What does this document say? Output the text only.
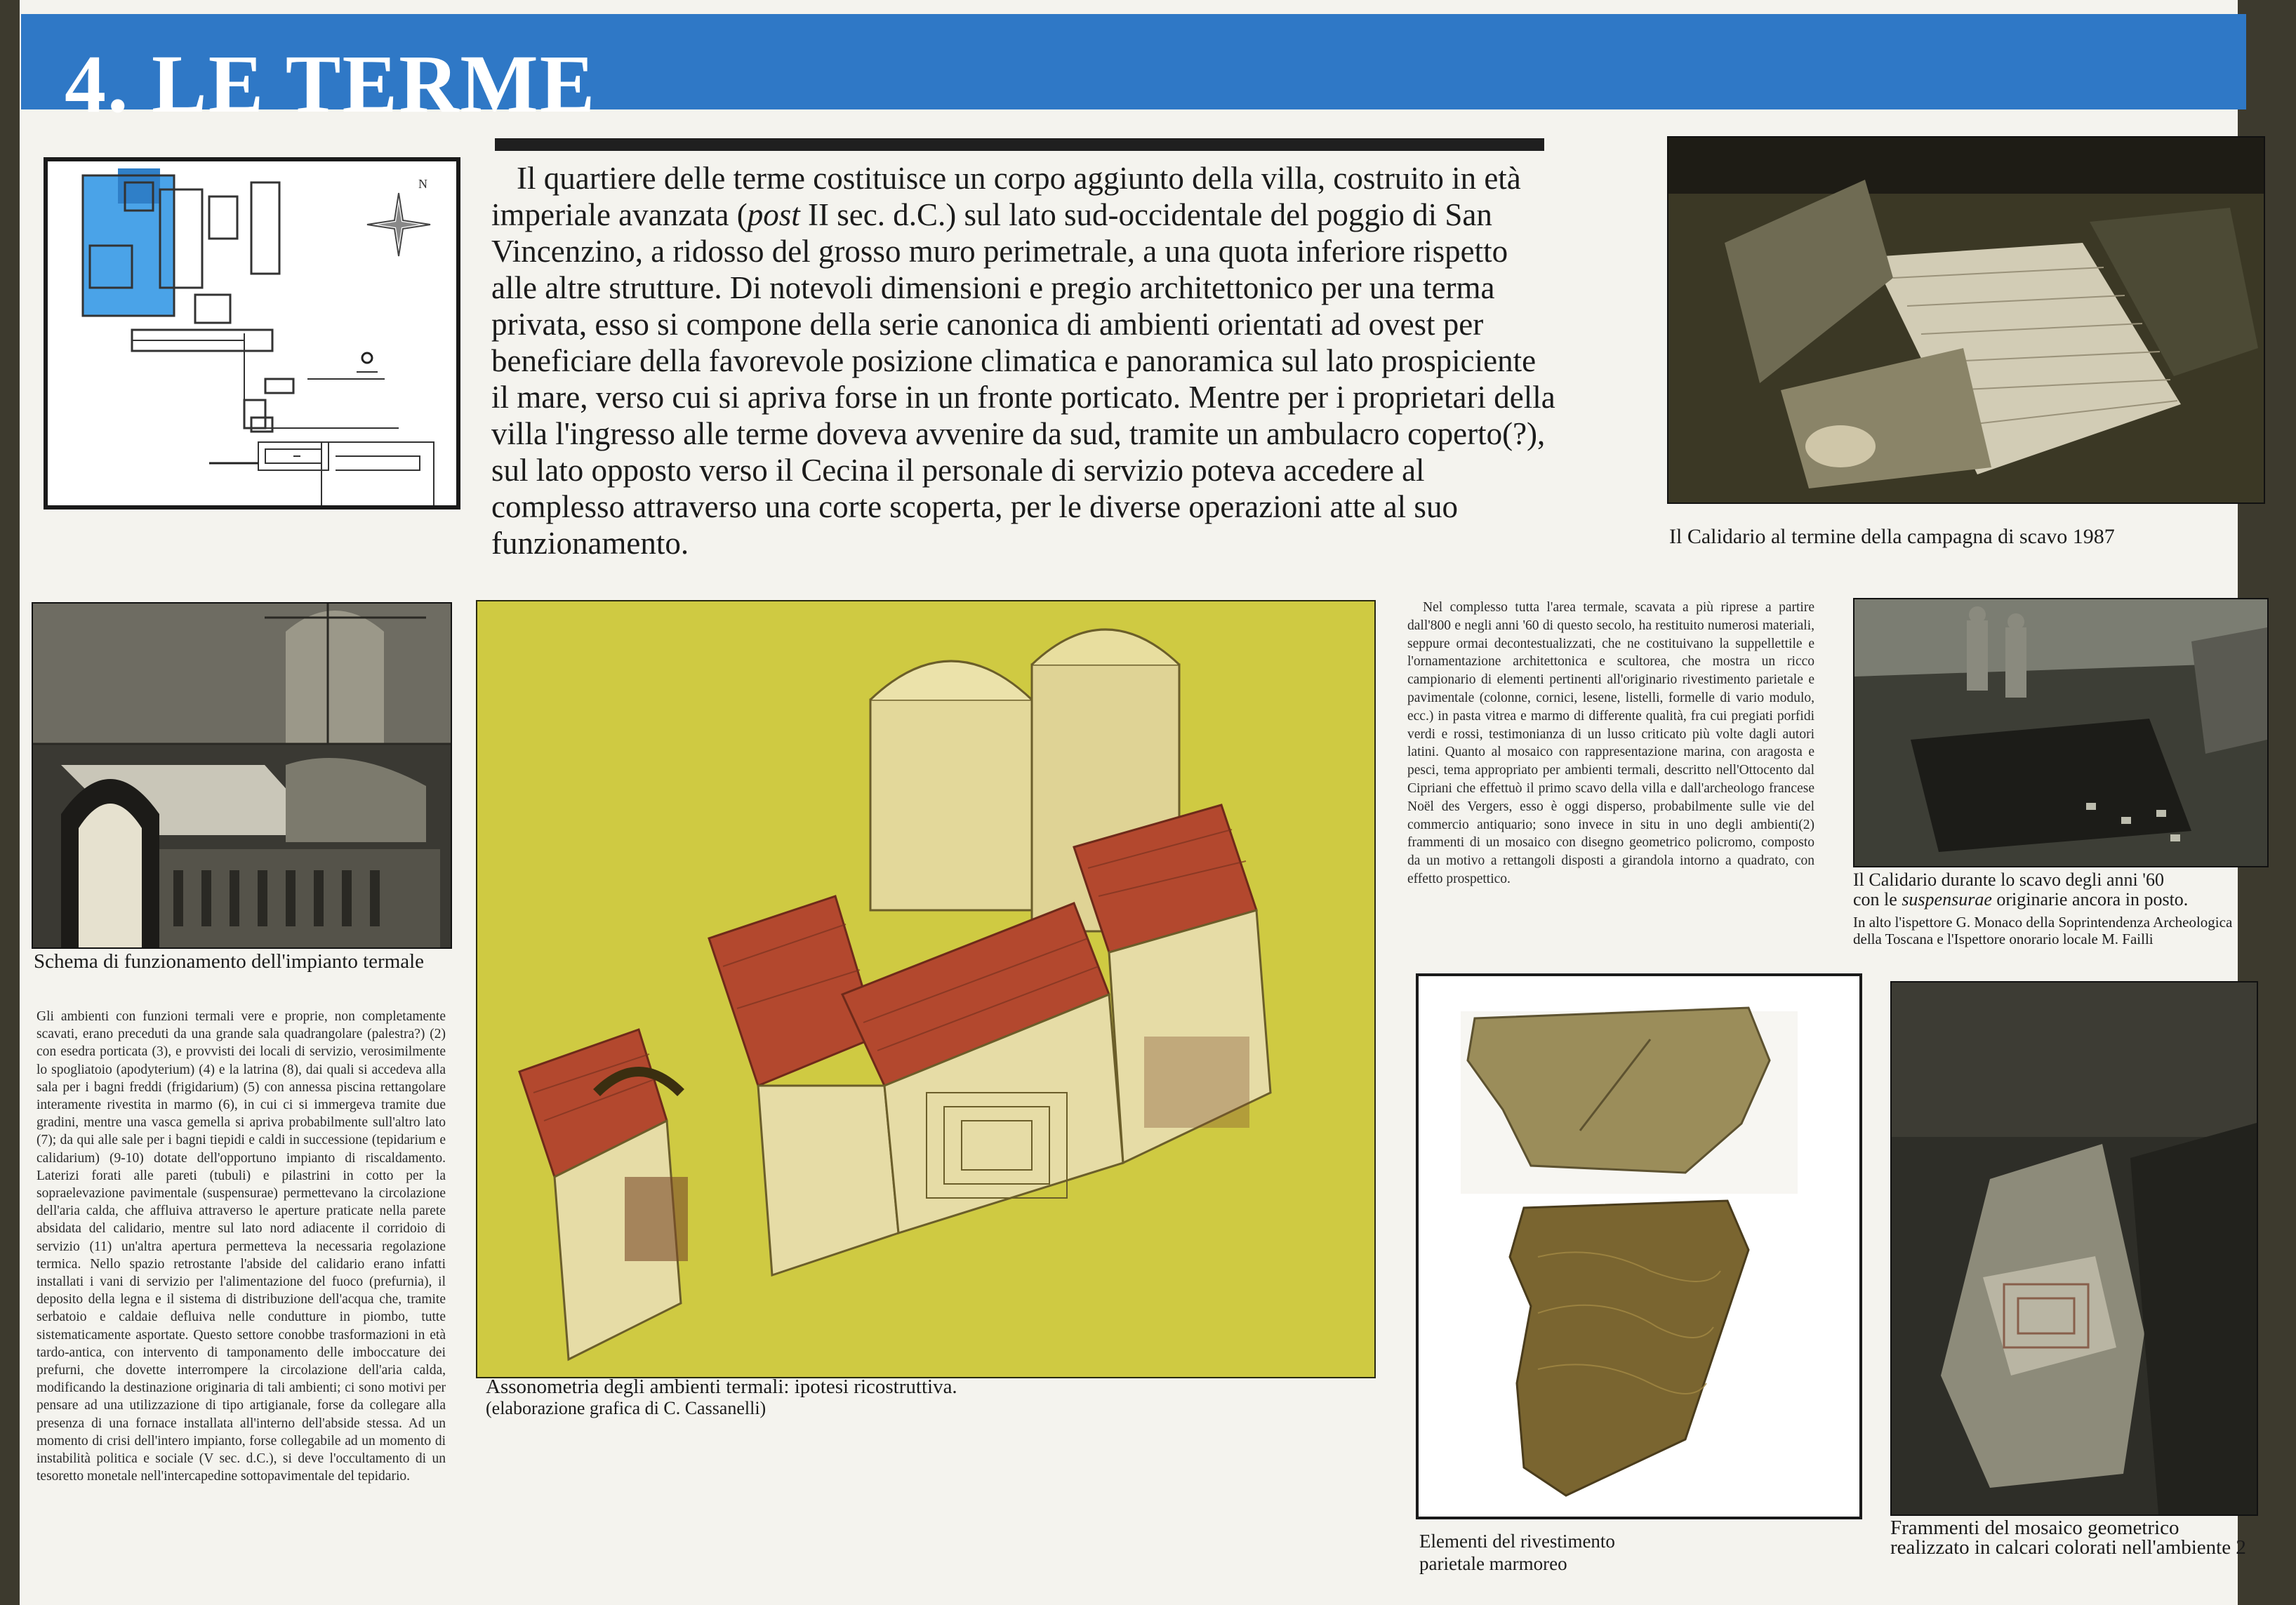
4. LE TERME
N	Il quartiere delle terme costituisce un corpo aggiunto della villa, costruito in età imperiale avanzata (post II sec. d.C.) sul lato sud-occidentale del poggio di San Vincenzino, a ridosso del grosso muro perimetrale, a una quota inferiore rispetto alle altre strutture. Di notevoli dimensioni e pregio architettonico per una terma privata, esso si compone della serie canonica di ambienti orientati ad ovest per beneficiare della favorevole posizione climatica e panoramica sul lato prospiciente il mare, verso cui si apriva forse in un fronte porticato. Mentre per i proprietari della villa l'ingresso alle terme doveva avvenire da sud, tramite un ambulacro coperto(?), sul lato opposto verso il Cecina il personale di servizio poteva accedere al complesso attraverso una corte scoperta, per le diverse operazioni atte al suo funzionamento.	Il Calidario al termine della campagna di scavo 1987
Schema di funzionamento dell'impianto termale
Gli ambienti con funzioni termali vere e proprie, non completamente scavati, erano preceduti da una grande sala quadrangolare (palestra?) (2) con esedra porticata (3), e provvisti dei locali di servizio, verosimilmente lo spogliatoio (apodyterium) (4) e la latrina (8), dai quali si accedeva alla sala per i bagni freddi (frigidarium) (5) con annessa piscina rettangolare interamente rivestita in marmo (6), in cui ci si immergeva tramite due gradini, mentre una vasca gemella si apriva probabilmente sull'altro lato (7); da qui alle sale per i bagni tiepidi e caldi in successione (tepidarium e calidarium) (9-10) dotate dell'opportuno impianto di riscaldamento. Laterizi forati alle pareti (tubuli) e pilastrini in cotto per la sopraelevazione pavimentale (suspensurae) permettevano la circolazione dell'aria calda, che affluiva attraverso le aperture praticate nella parete absidata del calidario, mentre sul lato nord adiacente il corridoio di servizio (11) un'altra apertura permetteva la necessaria regolazione termica. Nello spazio retrostante l'abside del calidario erano infatti installati i vani di servizio per l'alimentazione del fuoco (prefurnia), il deposito della legna e il sistema di distribuzione dell'acqua che, tramite serbatoio e caldaie defluiva nelle condutture in piombo, tutte sistematicamente asportate. Questo settore conobbe trasformazioni in età tardo-antica, con intervento di tamponamento delle imboccature dei prefurni, che dovette interrompere la circolazione dell'aria calda, modificando la destinazione originaria di tali ambienti; ci sono motivi per pensare ad una utilizzazione di tipo artigianale, forse da collegare alla presenza di una fornace installata all'interno dell'abside stessa. Ad un momento di crisi dell'intero impianto, forse collegabile ad un momento di instabilità politica e sociale (V sec. d.C.), si deve l'occultamento di un tesoretto monetale nell'intercapedine sottopavimentale del tepidario.
Assonometria degli ambienti termali: ipotesi ricostruttiva.
(elaborazione grafica di C. Cassanelli)
Nel complesso tutta l'area termale, scavata a più riprese a partire dall'800 e negli anni '60 di questo secolo, ha restituito numerosi materiali, seppure ormai decontestualizzati, che ne costituivano la suppellettile e l'ornamentazione architettonica e scultorea, che mostra un ricco campionario di elementi pertinenti all'originario rivestimento parietale e pavimentale (colonne, cornici, lesene, listelli, formelle di vario modulo, ecc.) in pasta vitrea e marmo di differente qualità, fra cui pregiati porfidi verdi e rossi, testimonianza di un lusso criticato più volte dagli autori latini. Quanto al mosaico con rappresentazione marina, con aragosta e pesci, tema appropriato per ambienti termali, descritto nell'Ottocento dal Cipriani che effettuò il primo scavo della villa e dall'archeologo francese Noël des Vergers, esso è oggi disperso, probabilmente sulle vie del commercio antiquario; sono invece in situ in uno degli ambienti(2) frammenti di un mosaico con disegno geometrico policromo, composto da un motivo a rettangoli disposti a girandola intorno a quadrato, con effetto prospettico.	Il Calidario durante lo scavo degli anni '60
con le suspensurae originarie ancora in posto.
In alto l'ispettore G. Monaco della Soprintendenza Archeologica della Toscana e l'Ispettore onorario locale M. Failli
Elementi del rivestimento parietale marmoreo
Frammenti del mosaico geometrico realizzato in calcari colorati nell'ambiente 2
